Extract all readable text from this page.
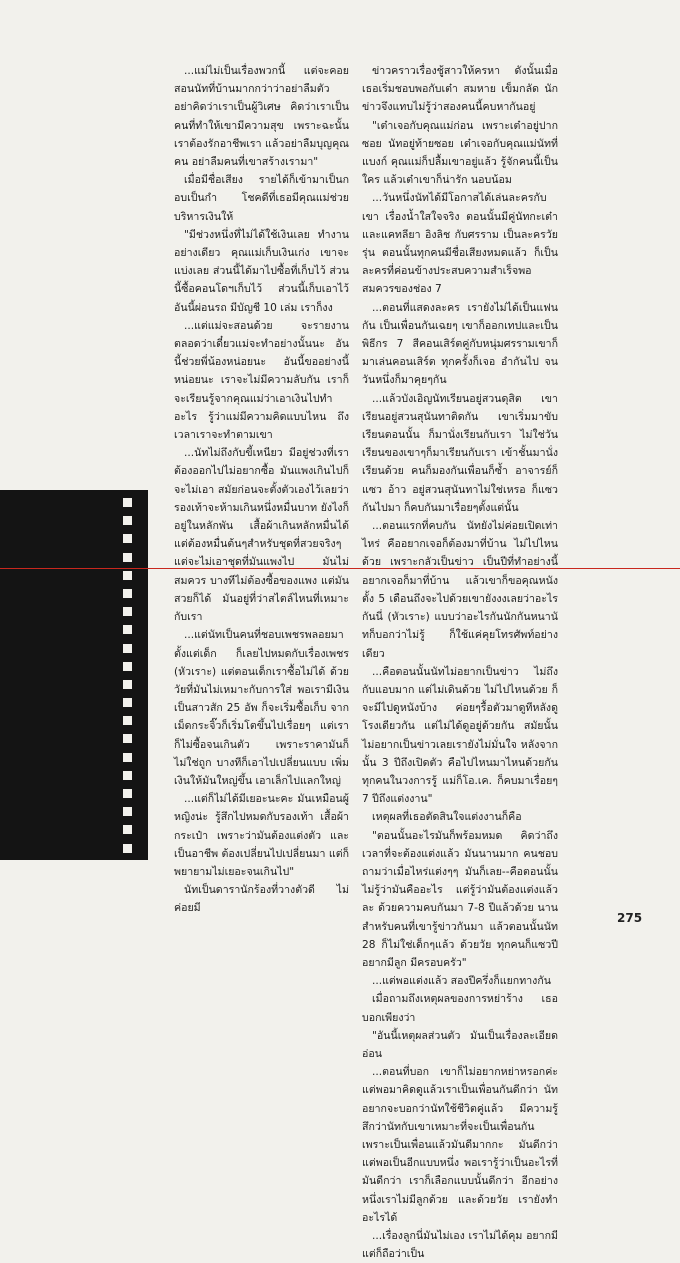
...แม่ไม่เป็นเรื่องพวกนี้ แต่จะคอยสอนนัทที่บ้านมากกว่าว่าอย่าลืมตัว อย่าคิดว่าเราเป็นผู้วิเศษ คิดว่าเราเป็นคนที่ทำให้เขามีความสุข เพราะฉะนั้นเราต้องรักอาชีพเรา แล้วอย่าลืมบุญคุณคน อย่าลืมคนที่เขาสร้างเรามา"

เมื่อมีชื่อเสียง รายได้ก็เข้ามาเป็นกอบเป็นกำ โชคดีที่เธอมีคุณแม่ช่วยบริหารเงินให้

"มีช่วงหนึ่งที่ไม่ได้ใช้เงินเลย ทำงานอย่างเดียว คุณแม่เก็บเงินเก่ง เขาจะแบ่งเลย ส่วนนี้ได้มาไปซื้อที่เก็บไว้ ส่วนนี้ซื้อคอนโดฯเก็บไว้ ส่วนนี้เก็บเอาไว้ อันนี้ผ่อนรถ มีบัญชี 10 เล่ม เราก็งง

...แต่แม่จะสอนด้วย จะรายงานตลอดว่าเดี๋ยวแม่จะทำอย่างนั้นนะ อันนี้ช่วยพี่น้องหน่อยนะ อันนี้ขออย่างนี้หน่อยนะ เราจะไม่มีความลับกัน เราก็จะเรียนรู้จากคุณแม่ว่าเอาเงินไปทำอะไร รู้ว่าแม่มีความคิดแบบไหน ถึงเวลาเราจะทำตามเขา

...นัทไม่ถึงกับขี้เหนียว มีอยู่ช่วงที่เราต้องออกไปไม่อยากซื้อ มันแพงเกินไปก็จะไม่เอา สมัยก่อนจะตั้งตัวเองไว้เลยว่ารองเท้าจะห้ามเกินหนึ่งหมื่นบาท ยังไงก็อยู่ในหลักพัน เสื้อผ้าเกินหลักหมื่นได้ แต่ต้องหมื่นต้นๆสำหรับชุดที่สวยจริงๆ แต่จะไม่เอาชุดที่มันแพงไป มันไม่สมควร บางทีไม่ต้องซื้อของแพง แต่มันสวยก็ได้ มันอยู่ที่ว่าสไตล์ไหนที่เหมาะกับเรา

...แต่นัทเป็นคนที่ชอบเพชรพลอยมาตั้งแต่เด็ก ก็เลยไปหมดกับเรื่องเพชร (หัวเราะ) แต่ตอนเด็กเราซื้อไม่ได้ ด้วยวัยที่มันไม่เหมาะกับการใส่ พอเรามีเงินเป็นสาวสัก 25 อัพ ก็จะเริ่มซื้อเก็บ จากเม็ดกระจิ๊วก็เริ่มโตขึ้นไปเรื่อยๆ แต่เราก็ไม่ซื้อจนเกินตัว เพราะราคามันก็ไม่ใช่ถูก บางทีก็เอาไปเปลี่ยนแบบ เพิ่มเงินให้มันใหญ่ขึ้น เอาเล็กไปแลกใหญ่

...แต่ก็ไม่ได้มีเยอะนะคะ มันเหมือนผู้หญิงน่ะ รู้สึกไปหมดกับรองเท้า เสื้อผ้า กระเป๋า เพราะว่ามันต้องแต่งตัว และเป็นอาชีพ ต้องเปลี่ยนไปเปลี่ยนมา แต่ก็พยายามไม่เยอะจนเกินไป"

นัทเป็นดารานักร้องที่วางตัวดี ไม่ค่อยมี

ข่าวคราวเรื่องชู้สาวให้ครหา ดังนั้นเมื่อเธอเริ่มชอบพอกับเต๋า สมหาย เข็มกลัด นักข่าวจึงแทบไม่รู้ว่าสองคนนี้คบหากันอยู่

"เต๋าเจอกับคุณแม่ก่อน เพราะเต๋าอยู่ปากซอย นัทอยู่ท้ายซอย เต๋าเจอกับคุณแม่นัทที่แบงก์ คุณแม่ก็ปลื้มเขาอยู่แล้ว รู้จักคนนี้เป็นใคร แล้วเต๋าเขาก็น่ารัก นอบน้อม

...วันหนึ่งนัทได้มีโอกาสได้เล่นละครกับเขา เรื่องน้ำใสใจจริง ตอนนั้นมีคู่นัทกะเต๋า และแคทลียา อิงลิช กับศรราม เป็นละครวัยรุ่น ตอนนั้นทุกคนมีชื่อเสียงหมดแล้ว ก็เป็นละครที่ค่อนข้างประสบความสำเร็จพอสมควรของช่อง 7

...ตอนที่แสดงละคร เรายังไม่ได้เป็นแฟนกัน เป็นเพื่อนกันเฉยๆ เขาก็ออกเทปและเป็นพิธีกร 7 สีคอนเสิร์ตคู่กับหนุ่มศรรามเขาก็มาเล่นคอนเสิร์ต ทุกครั้งก็เจอ อำกันไป จนวันหนึ่งก็มาคุยๆกัน

...แล้วบังเอิญนัทเรียนอยู่สวนดุสิต เขาเรียนอยู่สวนสุนันทาติดกัน เขาเริ่มมาขับเรียนตอนนั้น ก็มานั่งเรียนกับเรา ไม่ใช่วันเรียนของเขาๆก็มาเรียนกับเรา เข้าชั้นมานั่งเรียนด้วย คนก็มองกันเพื่อนก็ซ้ำ อาจารย์ก็แซว อ้าว อยู่สวนสุนันทาไม่ใช่เหรอ ก็แซวกันไปมา ก็คบกันมาเรื่อยๆตั้งแต่นั้น

...ตอนแรกที่คบกัน นัทยังไม่ค่อยเปิดเท่าไหร่ คืออยากเจอก็ต้องมาที่บ้าน ไม่ไปไหนด้วย เพราะกลัวเป็นข่าว เป็นปีที่ทำอย่างนี้อยากเจอก็มาที่บ้าน แล้วเขาก็ขอคุณหนัง ตั้ง 5 เดือนถึงจะไปด้วยเขายังงงเลยว่าอะไรกันนี่ (หัวเราะ) แบบว่าอะไรกันนักกันหนานัทก็บอกว่าไม่รู้ ก็ใช้แค่คุยโทรศัพท์อย่างเดียว

...คือตอนนั้นนัทไม่อยากเป็นข่าว ไม่ถึงกับแอบมาก แต่ไม่เดินด้วย ไม่ไปไหนด้วย ก็จะมีไปดูหนังบ้าง ค่อยๆรื้อตัวมาดูทีหลังดูโรงเดียวกัน แต่ไม่ได้ดูอยู่ด้วยกัน สมัยนั้นไม่อยากเป็นข่าวเลยเรายังไม่มั่นใจ หลังจากนั้น 3 ปีถึงเปิดตัว คือไปไหนมาไหนด้วยกันทุกคนในวงการรู้ แม่ก็โอ.เค. ก็คบมาเรื่อยๆ 7 ปีถึงแต่งงาน"

เหตุผลที่เธอตัดสินใจแต่งงานก็คือ

"ตอนนั้นอะไรมันก็พร้อมหมด คิดว่าถึงเวลาที่จะต้องแต่งแล้ว มันนานมาก คนชอบถามว่าเมื่อไหร่แต่งๆๆ มันก็เลย--คือตอนนั้นไม่รู้ว่ามันคืออะไร แต่รู้ว่ามันต้องแต่งแล้วละ ด้วยความคบกันมา 7-8 ปีแล้วด้วย นานสำหรับคนที่เขารู้ข่าวกันมา แล้วตอนนั้นนัท 28 ก็ไม่ใช่เด็กๆแล้ว ด้วยวัย ทุกคนก็แซวปี อยากมีลูก มีครอบครัว"

...แต่พอแต่งแล้ว สองปีครึ่งก็แยกทางกัน

เมื่อถามถึงเหตุผลของการหย่าร้าง เธอบอกเพียงว่า

"อันนี้เหตุผลส่วนตัว มันเป็นเรื่องละเอียดอ่อน

...ตอนที่บอก เขาก็ไม่อยากหย่าหรอกค่ะ แต่พอมาคิดดูแล้วเราเป็นเพื่อนกันดีกว่า นัทอยากจะบอกว่านัทใช้ชีวิตคู่แล้ว มีความรู้สึกว่านัทกับเขาเหมาะที่จะเป็นเพื่อนกัน เพราะเป็นเพื่อนแล้วมันดีมากกะ มันดีกว่า แต่พอเป็นอีกแบบหนึ่ง พอเรารู้ว่าเป็นอะไรที่มันดีกว่า เราก็เลือกแบบนั้นดีกว่า อีกอย่างหนึ่งเราไม่มีลูกด้วย และด้วยวัย เรายังทำอะไรได้

...เรื่องลูกนี่มันไม่เอง เราไม่ได้คุม อยากมี แต่ก็ถือว่าเป็น

275
